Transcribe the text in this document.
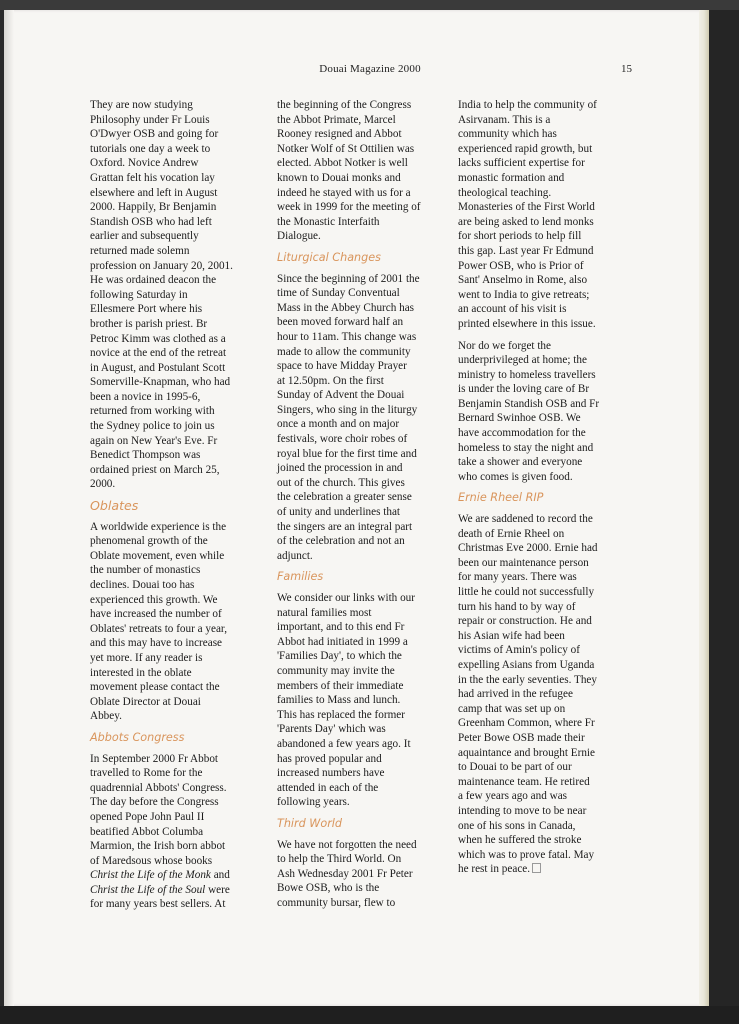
Douai Magazine 2000	15

They are now studying
Philosophy under Fr Louis
O'Dwyer OSB and going for
tutorials one day a week to
Oxford. Novice Andrew
Grattan felt his vocation lay
elsewhere and left in August
2000. Happily, Br Benjamin
Standish OSB who had left
earlier and subsequently
returned made solemn
profession on January 20, 2001.
He was ordained deacon the
following Saturday in
Ellesmere Port where his
brother is parish priest. Br
Petroc Kimm was clothed as a
novice at the end of the retreat
in August, and Postulant Scott
Somerville-Knapman, who had
been a novice in 1995-6,
returned from working with
the Sydney police to join us
again on New Year's Eve. Fr
Benedict Thompson was
ordained priest on March 25,
2000.

Oblates

A worldwide experience is the
phenomenal growth of the
Oblate movement, even while
the number of monastics
declines. Douai too has
experienced this growth. We
have increased the number of
Oblates' retreats to four a year,
and this may have to increase
yet more. If any reader is
interested in the oblate
movement please contact the
Oblate Director at Douai
Abbey.

Abbots Congress

In September 2000 Fr Abbot
travelled to Rome for the
quadrennial Abbots' Congress.
The day before the Congress
opened Pope John Paul II
beatified Abbot Columba
Marmion, the Irish born abbot
of Maredsous whose books
Christ the Life of the Monk and
Christ the Life of the Soul were
for many years best sellers. At

the beginning of the Congress
the Abbot Primate, Marcel
Rooney resigned and Abbot
Notker Wolf of St Ottilien was
elected. Abbot Notker is well
known to Douai monks and
indeed he stayed with us for a
week in 1999 for the meeting of
the Monastic Interfaith
Dialogue.

Liturgical Changes

Since the beginning of 2001 the
time of Sunday Conventual
Mass in the Abbey Church has
been moved forward half an
hour to 11am. This change was
made to allow the community
space to have Midday Prayer
at 12.50pm. On the first
Sunday of Advent the Douai
Singers, who sing in the liturgy
once a month and on major
festivals, wore choir robes of
royal blue for the first time and
joined the procession in and
out of the church. This gives
the celebration a greater sense
of unity and underlines that
the singers are an integral part
of the celebration and not an
adjunct.

Families

We consider our links with our
natural families most
important, and to this end Fr
Abbot had initiated in 1999 a
'Families Day', to which the
community may invite the
members of their immediate
families to Mass and lunch.
This has replaced the former
'Parents Day' which was
abandoned a few years ago. It
has proved popular and
increased numbers have
attended in each of the
following years.

Third World

We have not forgotten the need
to help the Third World. On
Ash Wednesday 2001 Fr Peter
Bowe OSB, who is the
community bursar, flew to

India to help the community of
Asirvanam. This is a
community which has
experienced rapid growth, but
lacks sufficient expertise for
monastic formation and
theological teaching.
Monasteries of the First World
are being asked to lend monks
for short periods to help fill
this gap. Last year Fr Edmund
Power OSB, who is Prior of
Sant' Anselmo in Rome, also
went to India to give retreats;
an account of his visit is
printed elsewhere in this issue.

Nor do we forget the
underprivileged at home; the
ministry to homeless travellers
is under the loving care of Br
Benjamin Standish OSB and Fr
Bernard Swinhoe OSB. We
have accommodation for the
homeless to stay the night and
take a shower and everyone
who comes is given food.

Ernie Rheel RIP

We are saddened to record the
death of Ernie Rheel on
Christmas Eve 2000. Ernie had
been our maintenance person
for many years. There was
little he could not successfully
turn his hand to by way of
repair or construction. He and
his Asian wife had been
victims of Amin's policy of
expelling Asians from Uganda
in the the early seventies. They
had arrived in the refugee
camp that was set up on
Greenham Common, where Fr
Peter Bowe OSB made their
aquaintance and brought Ernie
to Douai to be part of our
maintenance team. He retired
a few years ago and was
intending to move to be near
one of his sons in Canada,
when he suffered the stroke
which was to prove fatal. May
he rest in peace.
